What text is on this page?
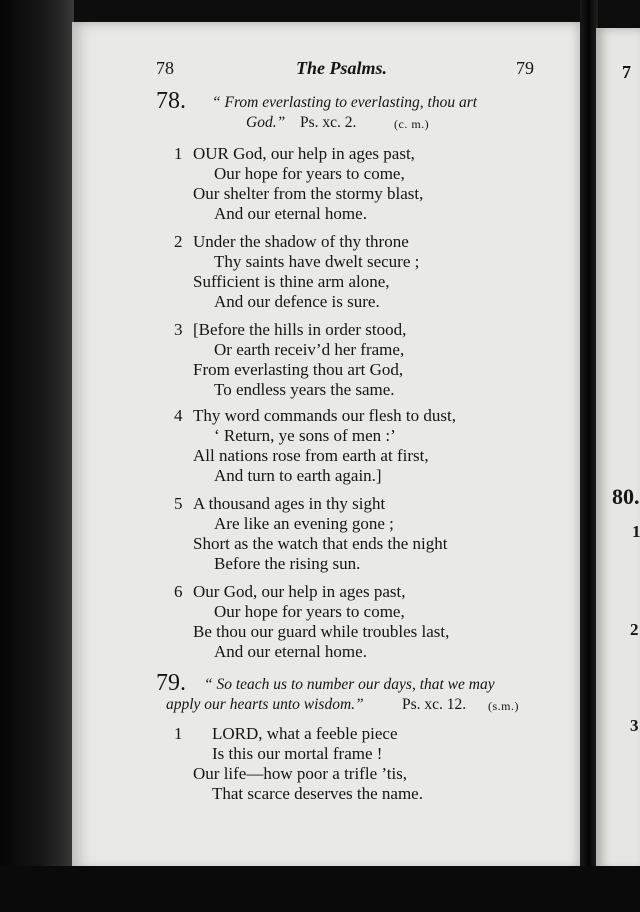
7
80.
1
2
3
78	The Psalms.	79
78. “ From everlasting to everlasting, thou art
God.” Ps. xc. 2.	(c. m.)
1 OUR God, our help in ages past,
Our hope for years to come,
Our shelter from the stormy blast,
And our eternal home.
2 Under the shadow of thy throne
Thy saints have dwelt secure ;
Sufficient is thine arm alone,
And our defence is sure.
3 [Before the hills in order stood,
Or earth receiv’d her frame,
From everlasting thou art God,
To endless years the same.
4 Thy word commands our flesh to dust,
‘ Return, ye sons of men :’
All nations rose from earth at first,
And turn to earth again.]
5 A thousand ages in thy sight
Are like an evening gone ;
Short as the watch that ends the night
Before the rising sun.
6 Our God, our help in ages past,
Our hope for years to come,
Be thou our guard while troubles last,
And our eternal home.
79. “ So teach us to number our days, that we may
apply our hearts unto wisdom.” Ps. xc. 12. (s.m.)
1 LORD, what a feeble piece
Is this our mortal frame !
Our life—how poor a trifle ’tis,
That scarce deserves the name.
